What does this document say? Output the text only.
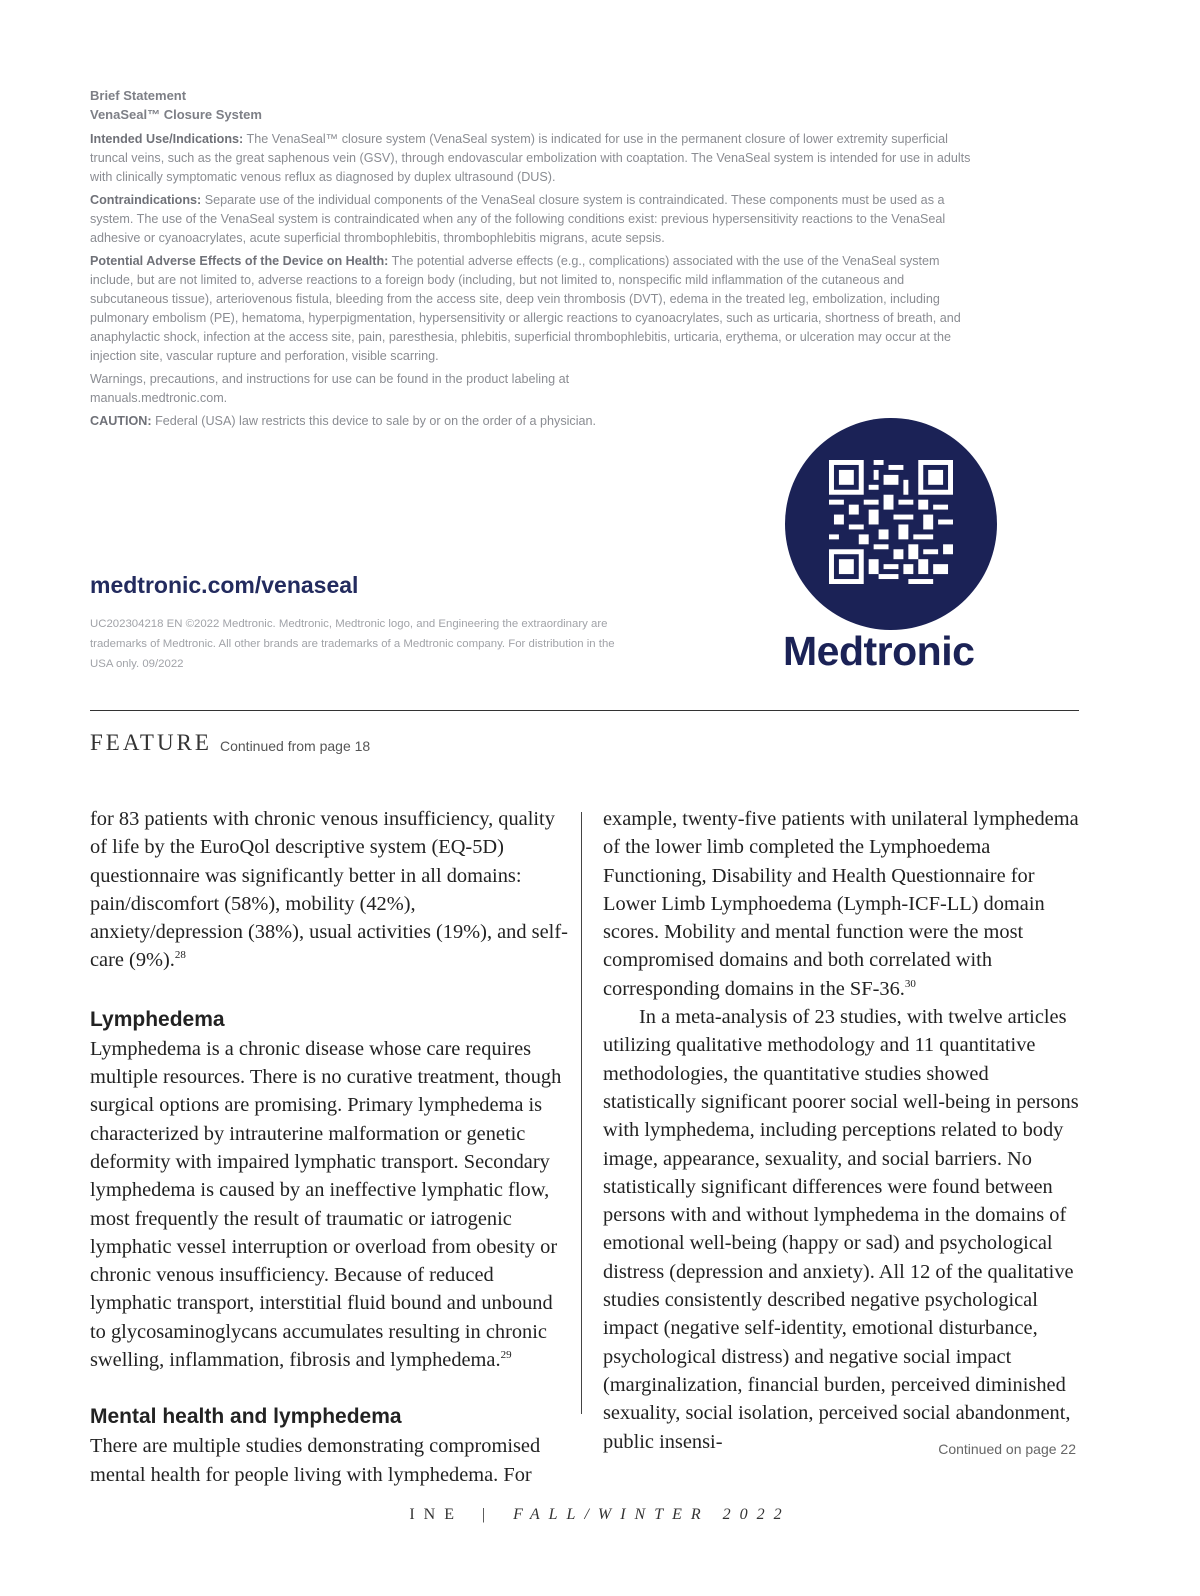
Brief Statement
VenaSeal™ Closure System

Intended Use/Indications: The VenaSeal™ closure system (VenaSeal system) is indicated for use in the permanent closure of lower extremity superficial truncal veins, such as the great saphenous vein (GSV), through endovascular embolization with coaptation. The VenaSeal system is intended for use in adults with clinically symptomatic venous reflux as diagnosed by duplex ultrasound (DUS).

Contraindications: Separate use of the individual components of the VenaSeal closure system is contraindicated. These components must be used as a system. The use of the VenaSeal system is contraindicated when any of the following conditions exist: previous hypersensitivity reactions to the VenaSeal adhesive or cyanoacrylates, acute superficial thrombophlebitis, thrombophlebitis migrans, acute sepsis.

Potential Adverse Effects of the Device on Health: The potential adverse effects (e.g., complications) associated with the use of the VenaSeal system include, but are not limited to, adverse reactions to a foreign body (including, but not limited to, nonspecific mild inflammation of the cutaneous and subcutaneous tissue), arteriovenous fistula, bleeding from the access site, deep vein thrombosis (DVT), edema in the treated leg, embolization, including pulmonary embolism (PE), hematoma, hyperpigmentation, hypersensitivity or allergic reactions to cyanoacrylates, such as urticaria, shortness of breath, and anaphylactic shock, infection at the access site, pain, paresthesia, phlebitis, superficial thrombophlebitis, urticaria, erythema, or ulceration may occur at the injection site, vascular rupture and perforation, visible scarring.

Warnings, precautions, and instructions for use can be found in the product labeling at manuals.medtronic.com.

CAUTION: Federal (USA) law restricts this device to sale by or on the order of a physician.

medtronic.com/venaseal
UC202304218 EN ©2022 Medtronic. Medtronic, Medtronic logo, and Engineering the extraordinary are trademarks of Medtronic. All other brands are trademarks of a Medtronic company. For distribution in the USA only. 09/2022	Medtronic
FEATURE Continued from page 18

for 83 patients with chronic venous insufficiency, quality of life by the EuroQol descriptive system (EQ-5D) questionnaire was significantly better in all domains: pain/discomfort (58%), mobility (42%), anxiety/depression (38%), usual activities (19%), and self-care (9%).$^{28}$

Lymphedema

Lymphedema is a chronic disease whose care requires multiple resources. There is no curative treatment, though surgical options are promising. Primary lymphedema is characterized by intrauterine malformation or genetic deformity with impaired lymphatic transport. Secondary lymphedema is caused by an ineffective lymphatic flow, most frequently the result of traumatic or iatrogenic lymphatic vessel interruption or overload from obesity or chronic venous insufficiency. Because of reduced lymphatic transport, interstitial fluid bound and unbound to glycosaminoglycans accumulates resulting in chronic swelling, inflammation, fibrosis and lymphedema.$^{29}$

Mental health and lymphedema

There are multiple studies demonstrating compromised mental health for people living with lymphedema. For

example, twenty-five patients with unilateral lymphedema of the lower limb completed the Lymphoedema Functioning, Disability and Health Questionnaire for Lower Limb Lymphoedema (Lymph-ICF-LL) domain scores. Mobility and mental function were the most compromised domains and both correlated with corresponding domains in the SF-36.30

In a meta-analysis of 23 studies, with twelve articles utilizing qualitative methodology and 11 quantitative methodologies, the quantitative studies showed statistically significant poorer social well-being in persons with lymphedema, including perceptions related to body image, appearance, sexuality, and social barriers. No statistically significant differences were found between persons with and without lymphedema in the domains of emotional well-being (happy or sad) and psychological distress (depression and anxiety). All 12 of the qualitative studies consistently described negative psychological impact (negative self-identity, emotional disturbance, psychological distress) and negative social impact (marginalization, financial burden, perceived diminished sexuality, social isolation, perceived social abandonment, public insensi-	Continued on page 22
INE | FALL/WINTER 2022
